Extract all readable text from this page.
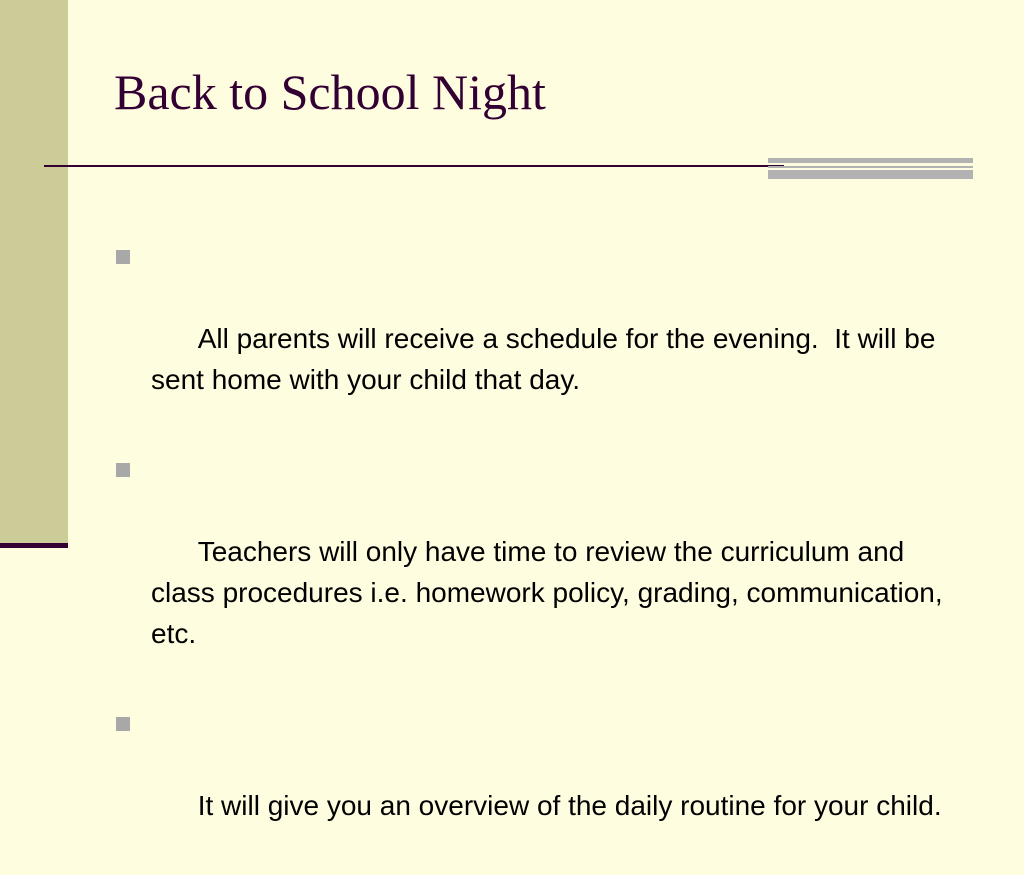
Back to School Night

All parents will receive a schedule for the evening.  It will be sent home with your child that day.

Teachers will only have time to review the curriculum and class procedures i.e. homework policy, grading, communication, etc.

It will give you an overview of the daily routine for your child.
